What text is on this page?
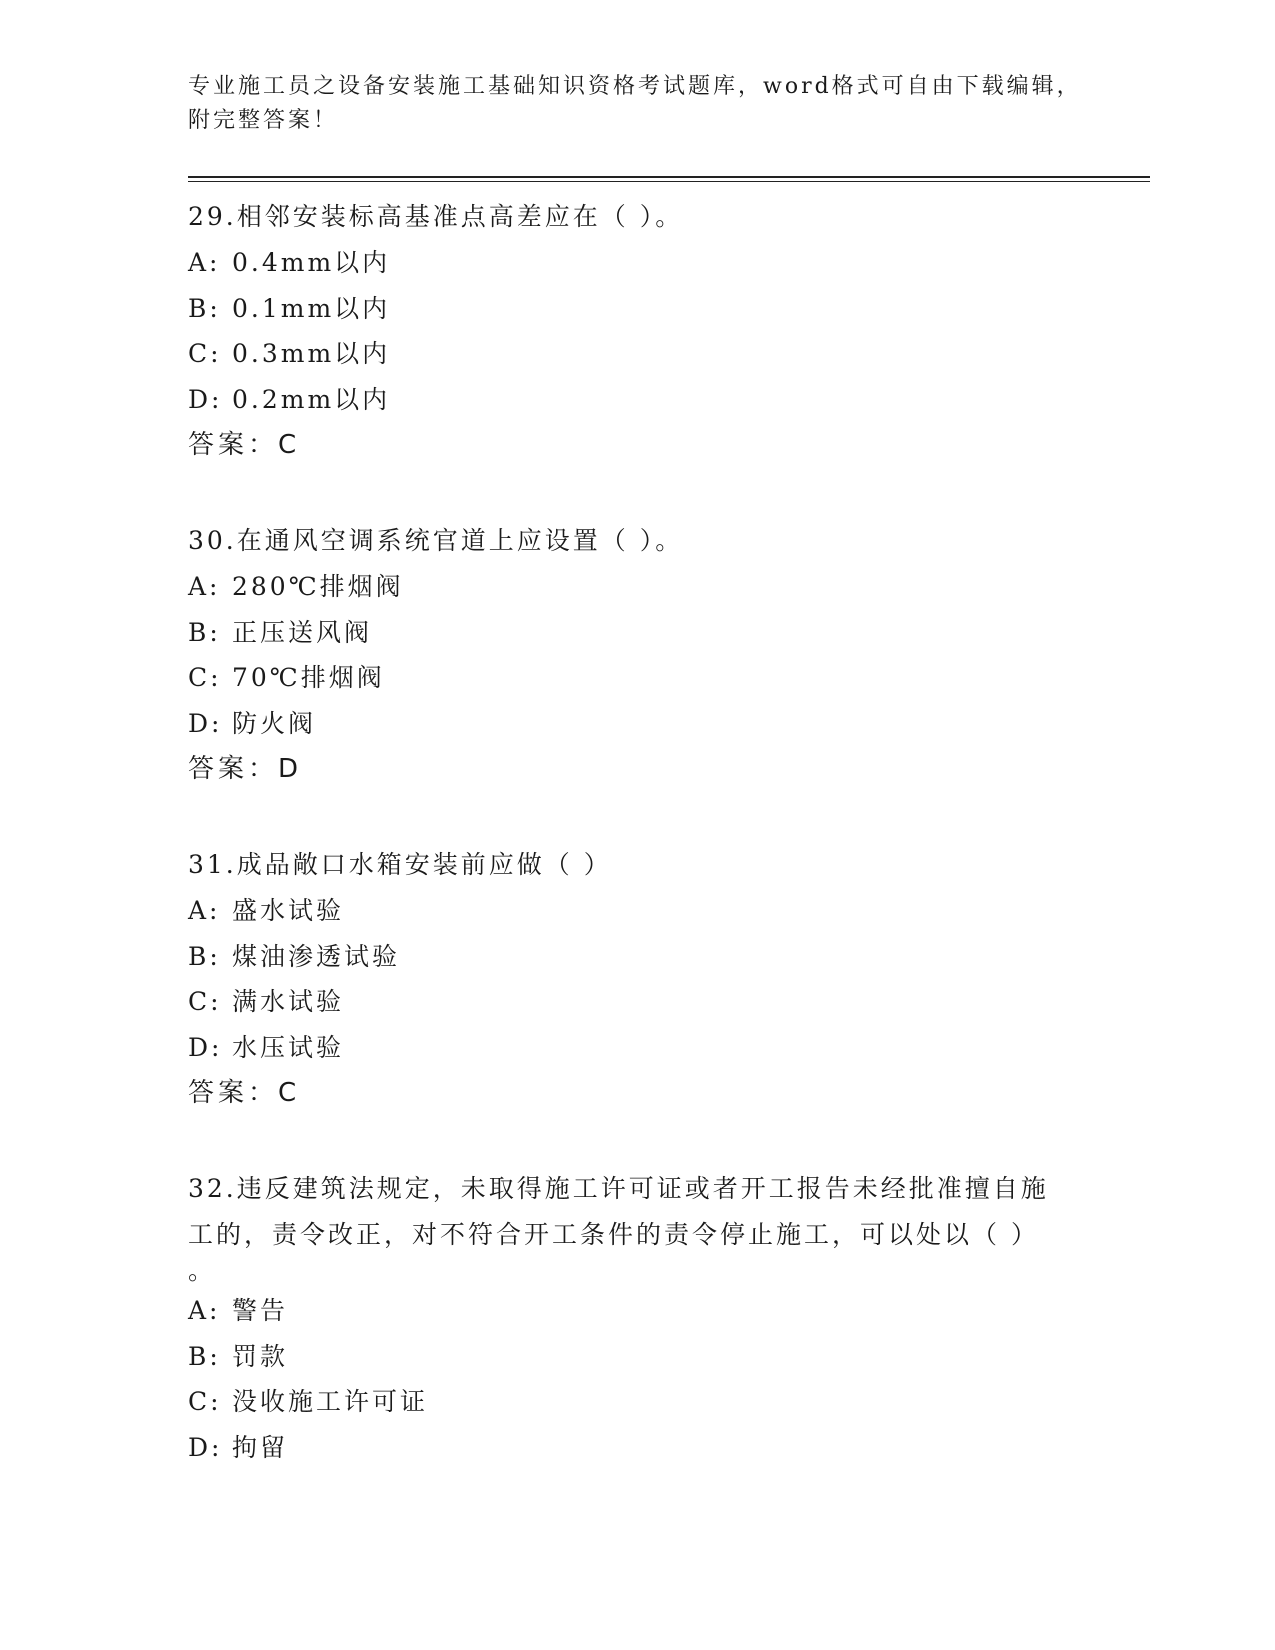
专业施工员之设备安装施工基础知识资格考试题库，word格式可自由下载编辑，
附完整答案！
29.相邻安装标高基准点高差应在（ ）。
A: 0.4mm以内
B: 0.1mm以内
C: 0.3mm以内
D: 0.2mm以内
答案：C
30.在通风空调系统官道上应设置（ ）。
A: 280℃排烟阀
B: 正压送风阀
C: 70℃排烟阀
D: 防火阀
答案：D
31.成品敞口水箱安装前应做（ ）
A: 盛水试验
B: 煤油渗透试验
C: 满水试验
D: 水压试验
答案：C
32.违反建筑法规定，未取得施工许可证或者开工报告未经批准擅自施
工的，责令改正，对不符合开工条件的责令停止施工，可以处以（ ）
。
A: 警告
B: 罚款
C: 没收施工许可证
D: 拘留
